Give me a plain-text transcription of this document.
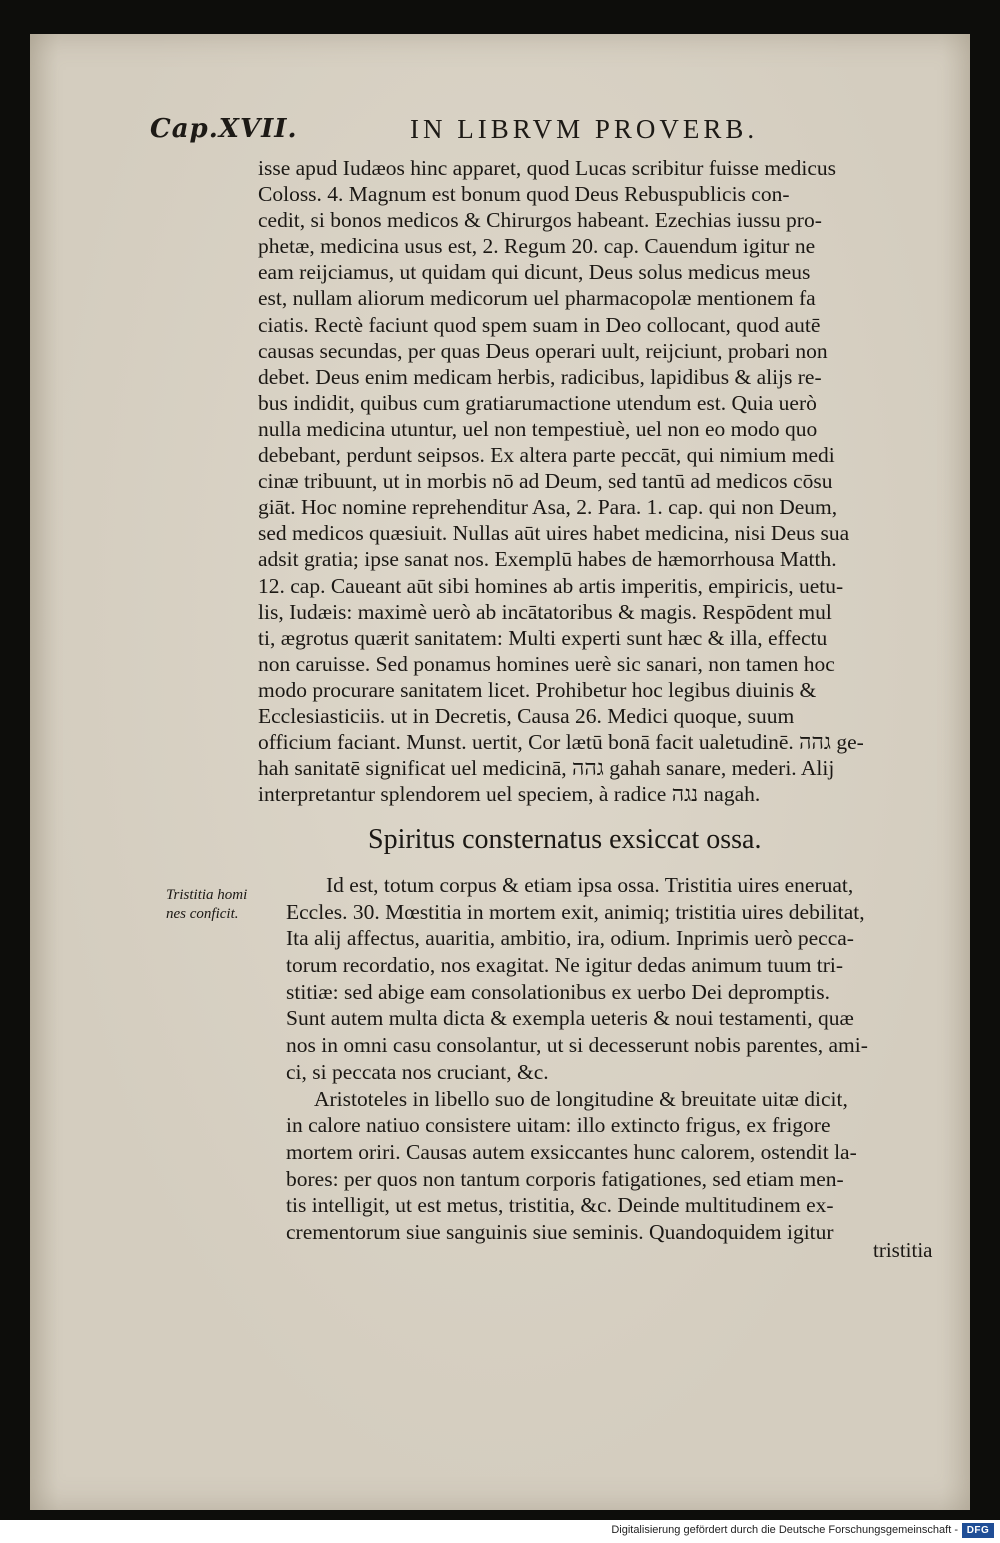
Cap.XVII.	IN LIBRVM PROVERB.
isse apud Iudæos hinc apparet, quod Lucas scribitur fuisse medicus
Coloss. 4. Magnum est bonum quod Deus Rebuspublicis con-
cedit, si bonos medicos & Chirurgos habeant. Ezechias iussu pro-
phetæ, medicina usus est, 2. Regum 20. cap. Cauendum igitur ne
eam reijciamus, ut quidam qui dicunt, Deus solus medicus meus
est, nullam aliorum medicorum uel pharmacopolæ mentionem fa
ciatis. Rectè faciunt quod spem suam in Deo collocant, quod autē
causas secundas, per quas Deus operari uult, reijciunt, probari non
debet. Deus enim medicam herbis, radicibus, lapidibus & alijs re-
bus indidit, quibus cum gratiarumactione utendum est. Quia uerò
nulla medicina utuntur, uel non tempestiuè, uel non eo modo quo
debebant, perdunt seipsos. Ex altera parte peccāt, qui nimium medi
cinæ tribuunt, ut in morbis nō ad Deum, sed tantū ad medicos cōsu
giāt. Hoc nomine reprehenditur Asa, 2. Para. 1. cap. qui non Deum,
sed medicos quæsiuit. Nullas aūt uires habet medicina, nisi Deus sua
adsit gratia; ipse sanat nos. Exemplū habes de hæmorrhousa Matth.
12. cap. Caueant aūt sibi homines ab artis imperitis, empiricis, uetu-
lis, Iudæis: maximè uerò ab incātatoribus & magis. Respōdent mul
ti, ægrotus quærit sanitatem: Multi experti sunt hæc & illa, effectu
non caruisse. Sed ponamus homines uerè sic sanari, non tamen hoc
modo procurare sanitatem licet. Prohibetur hoc legibus diuinis &
Ecclesiasticiis. ut in Decretis, Causa 26. Medici quoque, suum
officium faciant. Munst. uertit, Cor lætū bonā facit ualetudinē. גהה ge-
hah sanitatē significat uel medicinā, גהה gahah sanare, mederi. Alij
interpretantur splendorem uel speciem, à radice נגה nagah.
Spiritus consternatus exsiccat ossa.
Tristitia homi
nes conficit.
Id est, totum corpus & etiam ipsa ossa. Tristitia uires eneruat,
Eccles. 30. Mœstitia in mortem exit, animiq; tristitia uires debilitat,
Ita alij affectus, auaritia, ambitio, ira, odium. Inprimis uerò pecca-
torum recordatio, nos exagitat. Ne igitur dedas animum tuum tri-
stitiæ: sed abige eam consolationibus ex uerbo Dei depromptis.
Sunt autem multa dicta & exempla ueteris & noui testamenti, quæ
nos in omni casu consolantur, ut si decesserunt nobis parentes, ami-
ci, si peccata nos cruciant, &c.
Aristoteles in libello suo de longitudine & breuitate uitæ dicit,
in calore natiuo consistere uitam: illo extincto frigus, ex frigore
mortem oriri. Causas autem exsiccantes hunc calorem, ostendit la-
bores: per quos non tantum corporis fatigationes, sed etiam men-
tis intelligit, ut est metus, tristitia, &c. Deinde multitudinem ex-
crementorum siue sanguinis siue seminis. Quandoquidem igitur
tristitia
Digitalisierung gefördert durch die Deutsche Forschungsgemeinschaft - DFG
